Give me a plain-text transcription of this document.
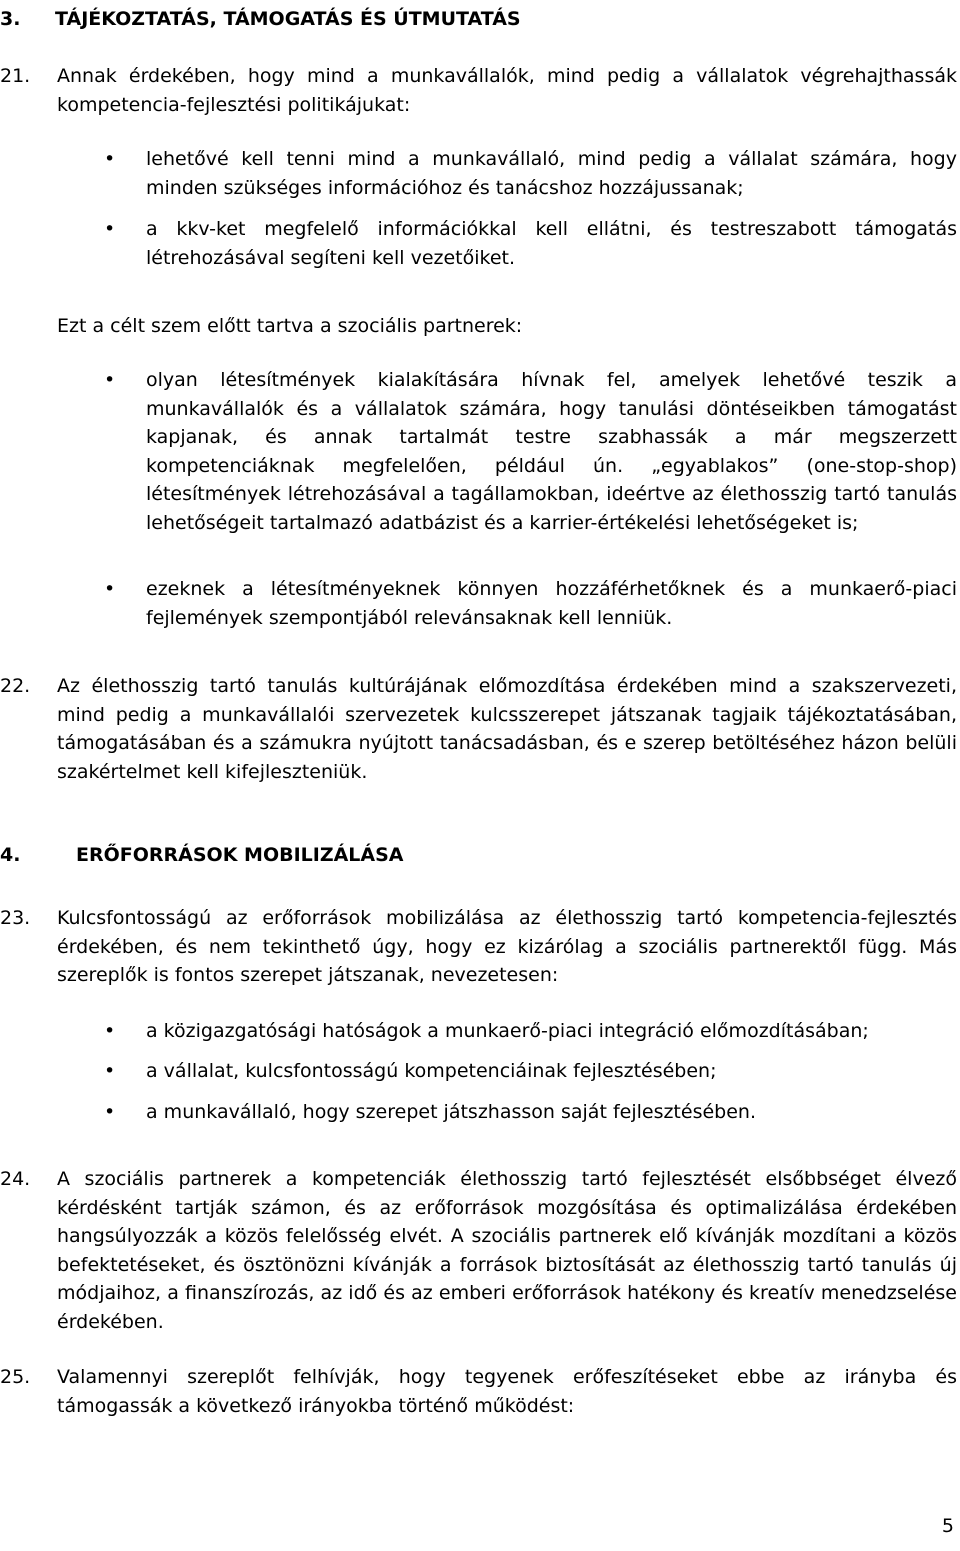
3. TÁJÉKOZTATÁS, TÁMOGATÁS ÉS ÚTMUTATÁS
21. Annak érdekében, hogy mind a munkavállalók, mind pedig a vállalatok végrehajthassák kompetencia-fejlesztési politikájukat:
• lehetővé kell tenni mind a munkavállaló, mind pedig a vállalat számára, hogy minden szükséges információhoz és tanácshoz hozzájussanak;
• a kkv-ket megfelelő információkkal kell ellátni, és testreszabott támogatás létrehozásával segíteni kell vezetőiket.
Ezt a célt szem előtt tartva a szociális partnerek:
• olyan létesítmények kialakítására hívnak fel, amelyek lehetővé teszik a munkavállalók és a vállalatok számára, hogy tanulási döntéseikben támogatást kapjanak, és annak tartalmát testre szabhassák a már megszerzett kompetenciáknak megfelelően, például ún. „egyablakos” (one-stop-shop) létesítmények létrehozásával a tagállamokban, ideértve az élethosszig tartó tanulás lehetőségeit tartalmazó adatbázist és a karrier-értékelési lehetőségeket is;
• ezeknek a létesítményeknek könnyen hozzáférhetőknek és a munkaerő-piaci fejlemények szempontjából relevánsaknak kell lenniük.
22. Az élethosszig tartó tanulás kultúrájának előmozdítása érdekében mind a szakszervezeti, mind pedig a munkavállalói szervezetek kulcsszerepet játszanak tagjaik tájékoztatásában, támogatásában és a számukra nyújtott tanácsadásban, és e szerep betöltéséhez házon belüli szakértelmet kell kifejleszteniük.
4.	ERŐFORRÁSOK MOBILIZÁLÁSA
23. Kulcsfontosságú az erőforrások mobilizálása az élethosszig tartó kompetencia-fejlesztés érdekében, és nem tekinthető úgy, hogy ez kizárólag a szociális partnerektől függ. Más szereplők is fontos szerepet játszanak, nevezetesen:
• a közigazgatósági hatóságok a munkaerő-piaci integráció előmozdításában;
• a vállalat, kulcsfontosságú kompetenciáinak fejlesztésében;
• a munkavállaló, hogy szerepet játszhasson saját fejlesztésében.
24. A szociális partnerek a kompetenciák élethosszig tartó fejlesztését elsőbbséget élvező kérdésként tartják számon, és az erőforrások mozgósítása és optimalizálása érdekében hangsúlyozzák a közös felelősség elvét. A szociális partnerek elő kívánják mozdítani a közös befektetéseket, és ösztönözni kívánják a források biztosítását az élethosszig tartó tanulás új módjaihoz, a finanszírozás, az idő és az emberi erőforrások hatékony és kreatív menedzselése érdekében.
25. Valamennyi szereplőt felhívják, hogy tegyenek erőfeszítéseket ebbe az irányba és támogassák a következő irányokba történő működést:
5
